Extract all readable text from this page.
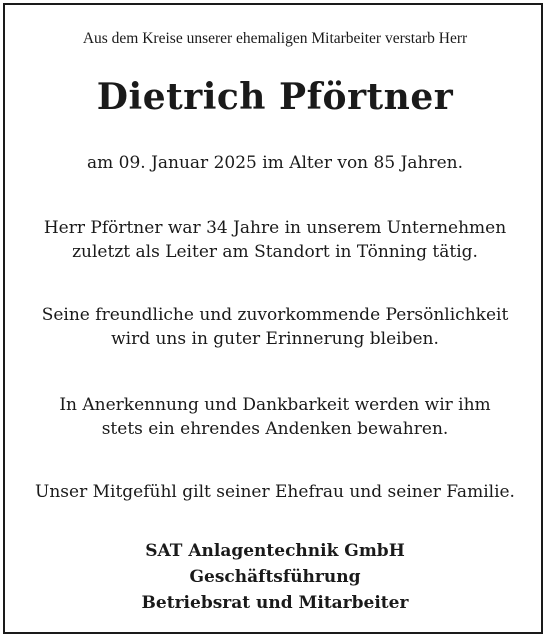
Aus dem Kreise unserer ehemaligen Mitarbeiter verstarb Herr
Dietrich Pförtner
am 09. Januar 2025 im Alter von 85 Jahren.
Herr Pförtner war 34 Jahre in unserem Unternehmen
zuletzt als Leiter am Standort in Tönning tätig.
Seine freundliche und zuvorkommende Persönlichkeit
wird uns in guter Erinnerung bleiben.
In Anerkennung und Dankbarkeit werden wir ihm
stets ein ehrendes Andenken bewahren.
Unser Mitgefühl gilt seiner Ehefrau und seiner Familie.
SAT Anlagentechnik GmbH
Geschäftsführung
Betriebsrat und Mitarbeiter
